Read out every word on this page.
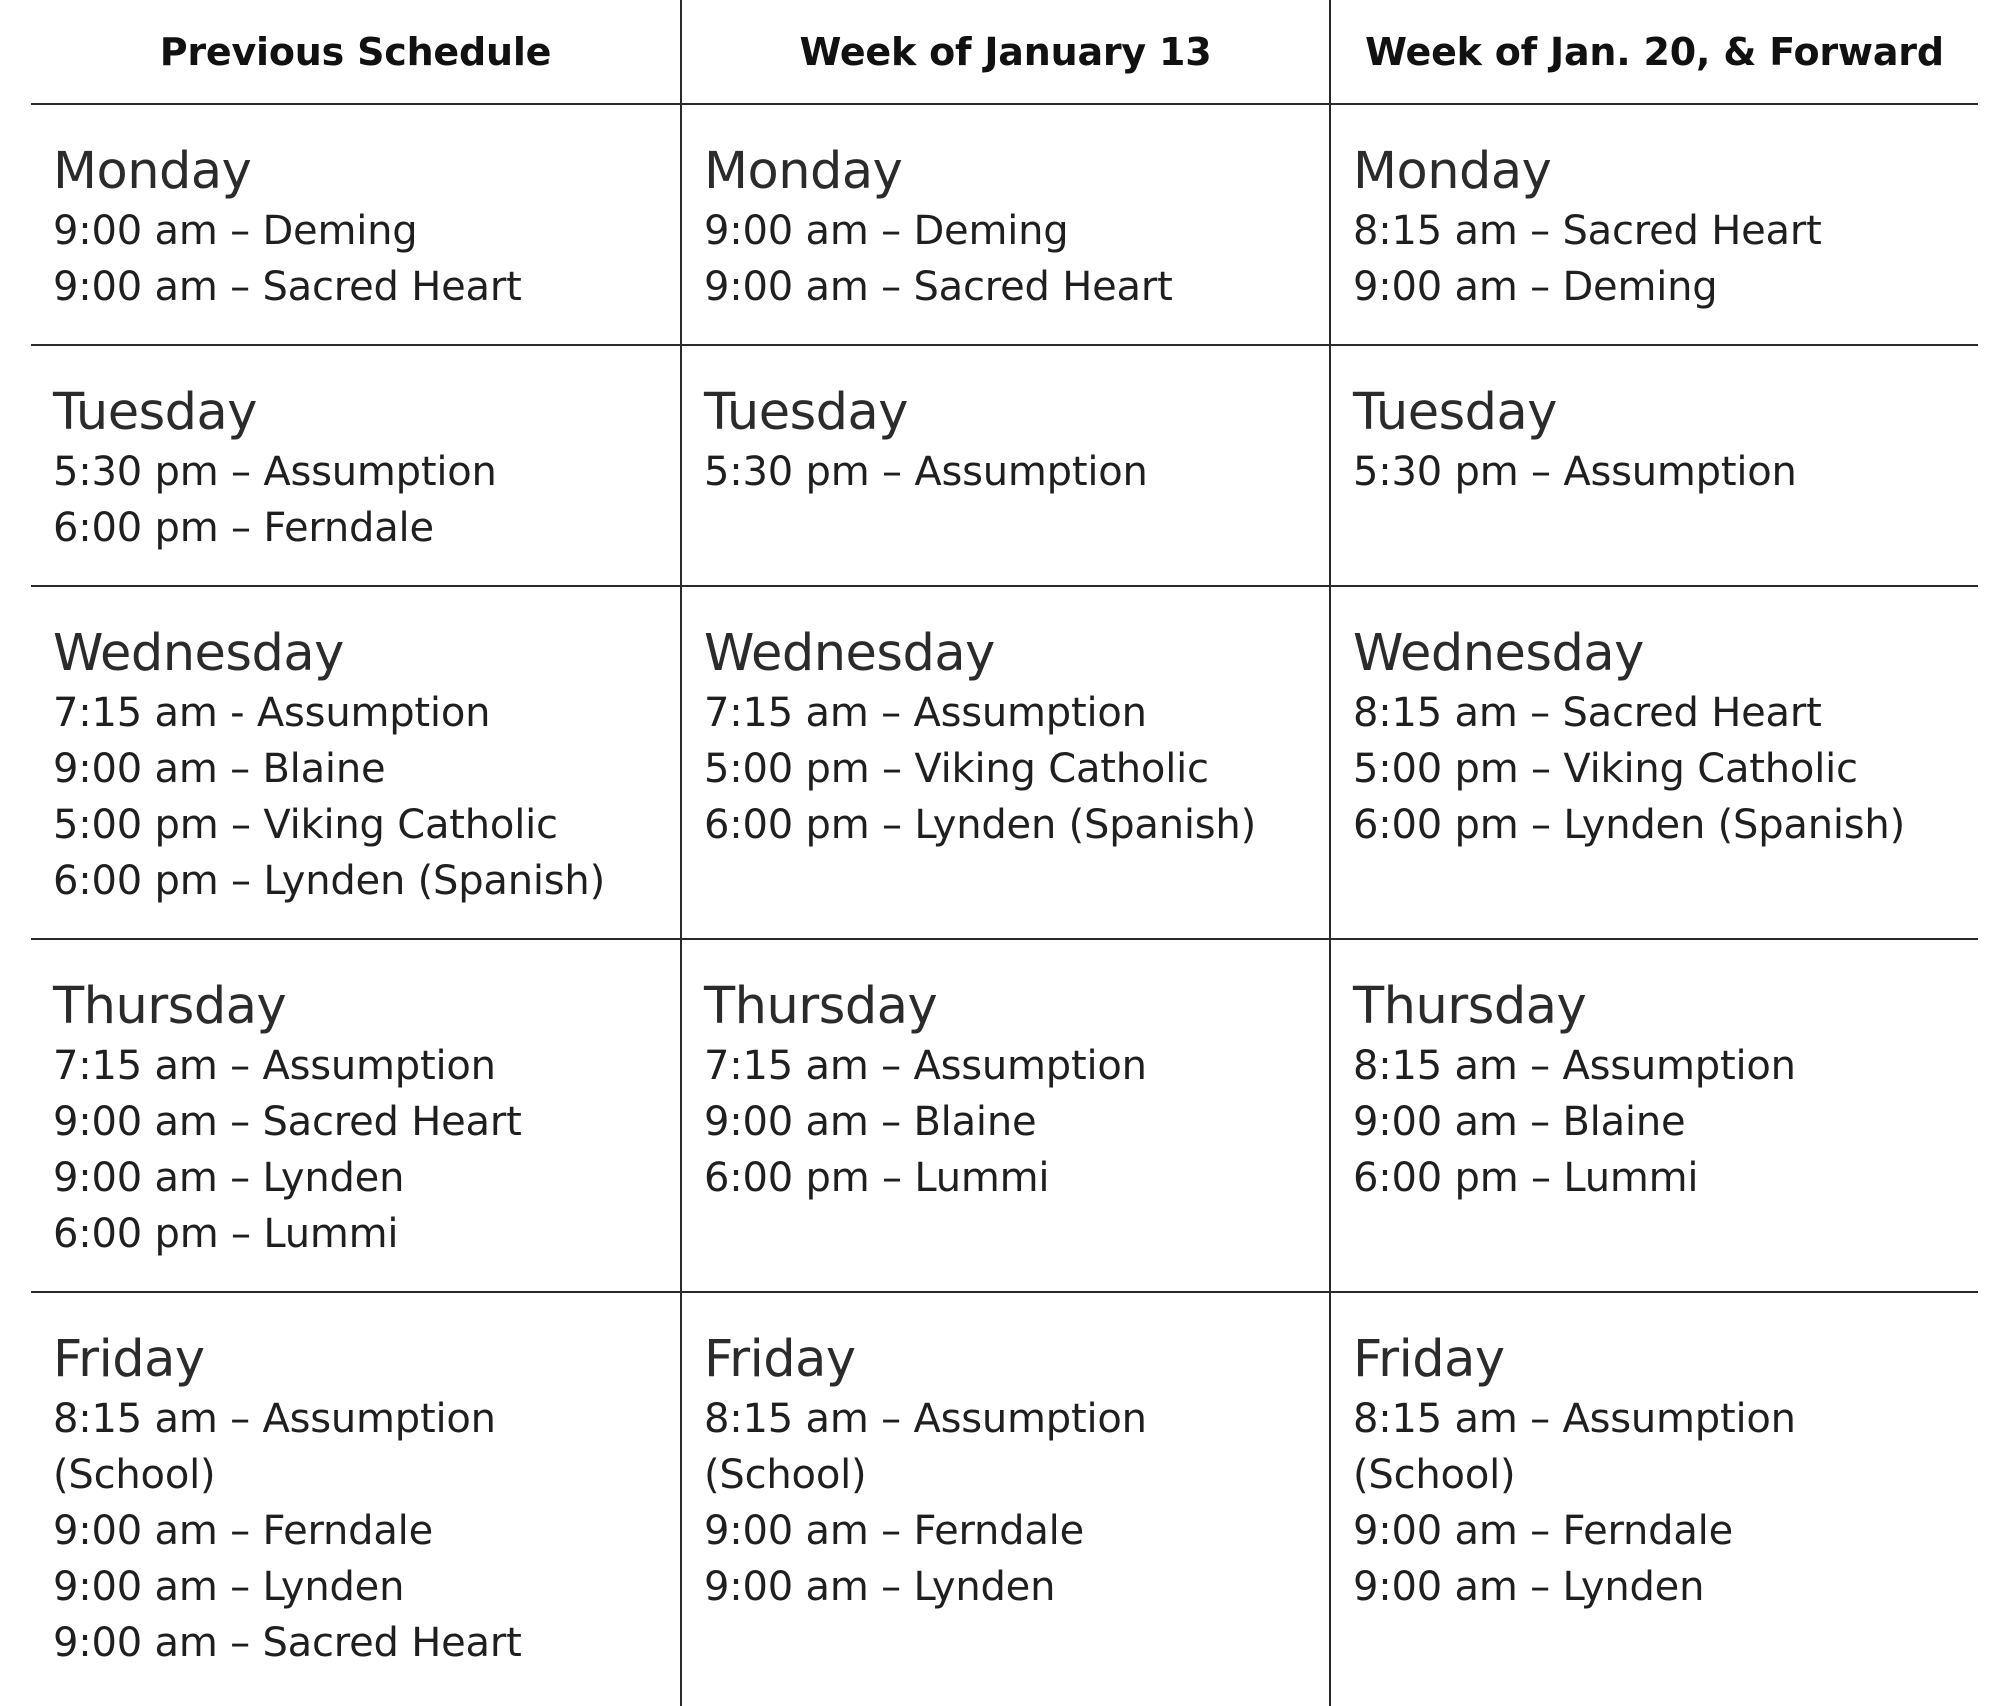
Previous Schedule	Week of January 13	Week of Jan. 20, & Forward
Monday
9:00 am – Deming
9:00 am – Sacred Heart
Monday
9:00 am – Deming
9:00 am – Sacred Heart
Monday
8:15 am – Sacred Heart
9:00 am – Deming
Tuesday
5:30 pm – Assumption
6:00 pm – Ferndale
Tuesday
5:30 pm – Assumption
Tuesday
5:30 pm – Assumption
Wednesday
7:15 am - Assumption
9:00 am – Blaine
5:00 pm – Viking Catholic
6:00 pm – Lynden (Spanish)
Wednesday
7:15 am – Assumption
5:00 pm – Viking Catholic
6:00 pm – Lynden (Spanish)
Wednesday
8:15 am – Sacred Heart
5:00 pm – Viking Catholic
6:00 pm – Lynden (Spanish)
Thursday
7:15 am – Assumption
9:00 am – Sacred Heart
9:00 am – Lynden
6:00 pm – Lummi
Thursday
7:15 am – Assumption
9:00 am – Blaine
6:00 pm – Lummi
Thursday
8:15 am – Assumption
9:00 am – Blaine
6:00 pm – Lummi
Friday
8:15 am – Assumption
(School)
9:00 am – Ferndale
9:00 am – Lynden
9:00 am – Sacred Heart
Friday
8:15 am – Assumption
(School)
9:00 am – Ferndale
9:00 am – Lynden
Friday
8:15 am – Assumption
(School)
9:00 am – Ferndale
9:00 am – Lynden
